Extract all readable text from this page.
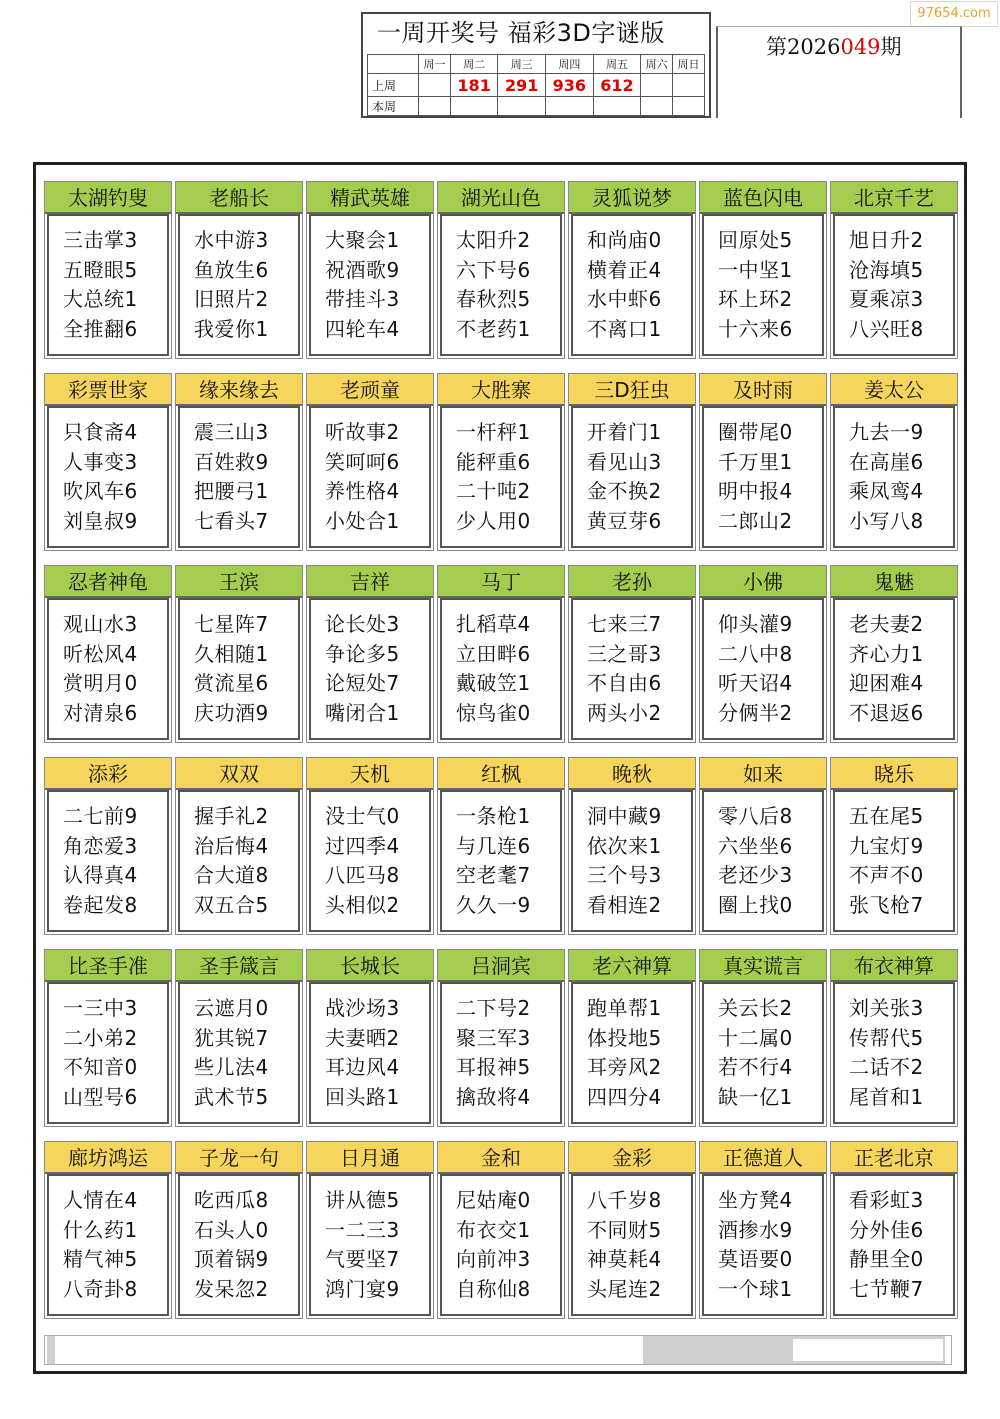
97654.com
一周开奖号 福彩3D字谜版
	周一	周二	周三	周四	周五	周六	周日
上周		181	291	936	612		
本周							
第2026049期
太湖钓叟
三击掌3
五瞪眼5
大总统1
全推翻6
老船长
水中游3
鱼放生6
旧照片2
我爱你1
精武英雄
大聚会1
祝酒歌9
带挂斗3
四轮车4
湖光山色
太阳升2
六下号6
春秋烈5
不老药1
灵狐说梦
和尚庙0
横着正4
水中虾6
不离口1
蓝色闪电
回原处5
一中坚1
环上环2
十六来6
北京千艺
旭日升2
沧海填5
夏乘凉3
八兴旺8
彩票世家
只食斋4
人事变3
吹风车6
刘皇叔9
缘来缘去
震三山3
百姓救9
把腰弓1
七看头7
老顽童
听故事2
笑呵呵6
养性格4
小处合1
大胜寨
一杆秤1
能秤重6
二十吨2
少人用0
三D狂虫
开着门1
看见山3
金不换2
黄豆芽6
及时雨
圈带尾0
千万里1
明中报4
二郎山2
姜太公
九去一9
在高崖6
乘凤鸾4
小写八8
忍者神龟
观山水3
听松风4
赏明月0
对清泉6
王滨
七星阵7
久相随1
赏流星6
庆功酒9
吉祥
论长处3
争论多5
论短处7
嘴闭合1
马丁
扎稻草4
立田畔6
戴破笠1
惊鸟雀0
老孙
七来三7
三之哥3
不自由6
两头小2
小佛
仰头灌9
二八中8
听天诏4
分俩半2
鬼魅
老夫妻2
齐心力1
迎困难4
不退返6
添彩
二七前9
角恋爱3
认得真4
卷起发8
双双
握手礼2
治后悔4
合大道8
双五合5
天机
没士气0
过四季4
八匹马8
头相似2
红枫
一条枪1
与几连6
空老耄7
久久一9
晚秋
洞中藏9
依次来1
三个号3
看相连2
如来
零八后8
六坐坐6
老还少3
圈上找0
晓乐
五在尾5
九宝灯9
不声不0
张飞枪7
比圣手准
一三中3
二小弟2
不知音0
山型号6
圣手箴言
云遮月0
犹其锐7
些儿法4
武术节5
长城长
战沙场3
夫妻晒2
耳边风4
回头路1
吕洞宾
二下号2
聚三军3
耳报神5
擒敌将4
老六神算
跑单帮1
体投地5
耳旁风2
四四分4
真实谎言
关云长2
十二属0
若不行4
缺一亿1
布衣神算
刘关张3
传帮代5
二话不2
尾首和1
廊坊鸿运
人情在4
什么药1
精气神5
八奇卦8
子龙一句
吃西瓜8
石头人0
顶着锅9
发呆忽2
日月通
讲从德5
一二三3
气要坚7
鸿门宴9
金和
尼姑庵0
布衣交1
向前冲3
自称仙8
金彩
八千岁8
不同财5
神莫耗4
头尾连2
正德道人
坐方凳4
酒掺水9
莫语要0
一个球1
正老北京
看彩虹3
分外佳6
静里全0
七节鞭7
